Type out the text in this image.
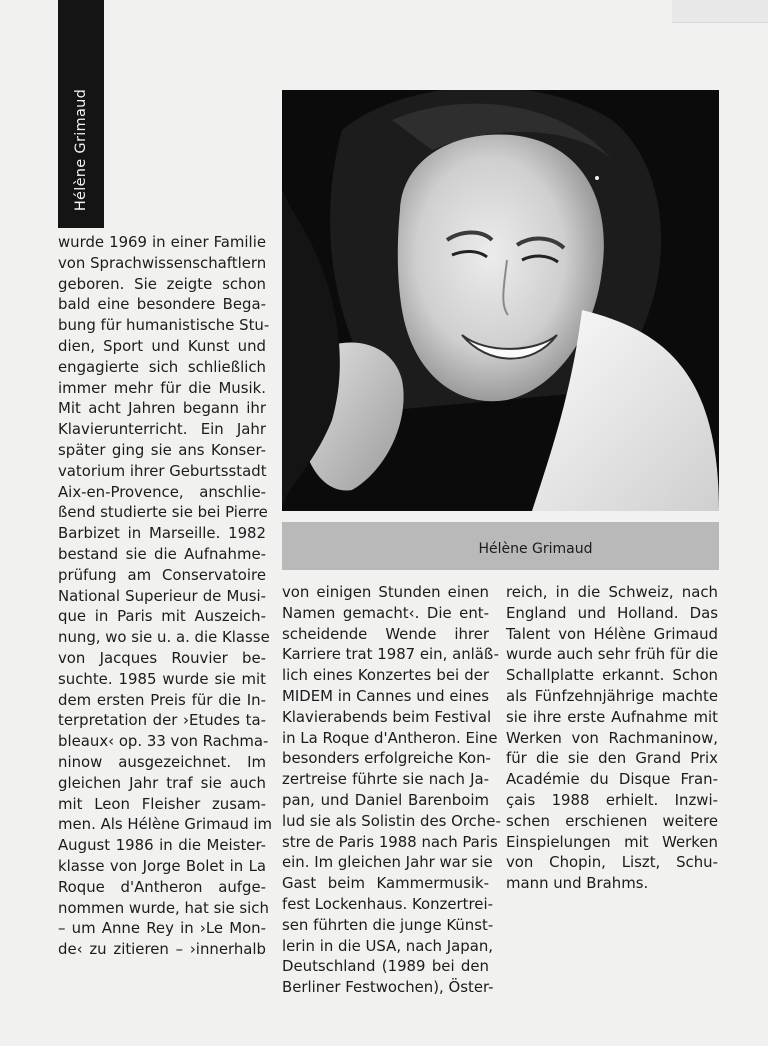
Hélène Grimaud
Hélène Grimaud
wurde 1969 in einer Familie
von Sprachwissenschaftlern
geboren. Sie zeigte schon
bald eine besondere Bega-
bung für humanistische Stu-
dien, Sport und Kunst und
engagierte sich schließlich
immer mehr für die Musik.
Mit acht Jahren begann ihr
Klavierunterricht. Ein Jahr
später ging sie ans Konser-
vatorium ihrer Geburtsstadt
Aix-en-Provence, anschlie-
ßend studierte sie bei Pierre
Barbizet in Marseille. 1982
bestand sie die Aufnahme-
prüfung am Conservatoire
National Superieur de Musi-
que in Paris mit Auszeich-
nung, wo sie u. a. die Klasse
von Jacques Rouvier be-
suchte. 1985 wurde sie mit
dem ersten Preis für die In-
terpretation der ›Etudes ta-
bleaux‹ op. 33 von Rachma-
ninow ausgezeichnet. Im
gleichen Jahr traf sie auch
mit Leon Fleisher zusam-
men. Als Hélène Grimaud im
August 1986 in die Meister-
klasse von Jorge Bolet in La
Roque d'Antheron aufge-
nommen wurde, hat sie sich
– um Anne Rey in ›Le Mon-
de‹ zu zitieren – ›innerhalb
von einigen Stunden einen
Namen gemacht‹. Die ent-
scheidende Wende ihrer
Karriere trat 1987 ein, anläß-
lich eines Konzertes bei der
MIDEM in Cannes und eines
Klavierabends beim Festival
in La Roque d'Antheron. Eine
besonders erfolgreiche Kon-
zertreise führte sie nach Ja-
pan, und Daniel Barenboim
lud sie als Solistin des Orche-
stre de Paris 1988 nach Paris
ein. Im gleichen Jahr war sie
Gast beim Kammermusik-
fest Lockenhaus. Konzertrei-
sen führten die junge Künst-
lerin in die USA, nach Japan,
Deutschland (1989 bei den
Berliner Festwochen), Öster-
reich, in die Schweiz, nach
England und Holland. Das
Talent von Hélène Grimaud
wurde auch sehr früh für die
Schallplatte erkannt. Schon
als Fünfzehnjährige machte
sie ihre erste Aufnahme mit
Werken von Rachmaninow,
für die sie den Grand Prix
Académie du Disque Fran-
çais 1988 erhielt. Inzwi-
schen erschienen weitere
Einspielungen mit Werken
von Chopin, Liszt, Schu-
mann und Brahms.
